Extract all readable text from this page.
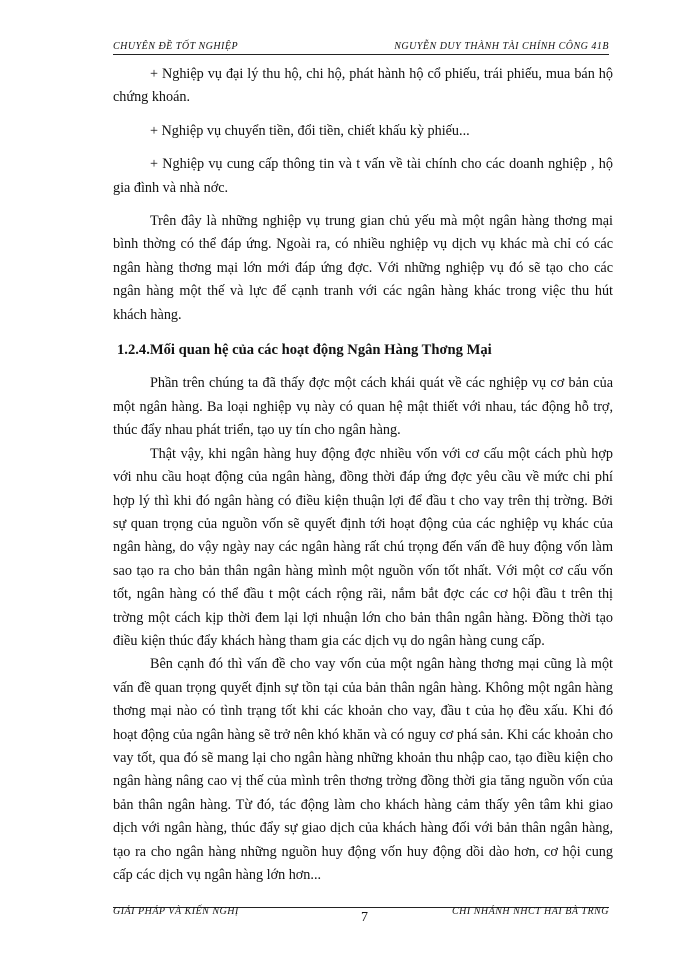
CHUYÊN ĐỀ TỐT NGHIỆP	NGUYỄN DUY THÀNH TÀI CHÍNH CÔNG 41B

+ Nghiệp vụ đại lý thu hộ, chi hộ, phát hành hộ cổ phiếu, trái phiếu, mua bán hộ chứng khoán.

+ Nghiệp vụ chuyển tiền, đổi tiền, chiết khấu kỳ phiếu...

+ Nghiệp vụ cung cấp thông tin và t vấn về tài chính cho các doanh nghiệp , hộ gia đình và nhà nớc.

Trên đây là những nghiệp vụ trung gian chủ yếu mà một ngân hàng thơng mại bình thờng có thể đáp ứng. Ngoài ra, có nhiều nghiệp vụ dịch vụ khác mà chỉ có các ngân hàng thơng mại lớn mới đáp ứng đợc. Với những nghiệp vụ đó sẽ tạo cho các ngân hàng một thế và lực để cạnh tranh với các ngân hàng khác trong việc thu hút khách hàng.

1.2.4.Mối quan hệ của các hoạt động Ngân Hàng Thơng Mại

Phần trên chúng ta đã thấy đợc một cách khái quát về các nghiệp vụ cơ bản của một ngân hàng. Ba loại nghiệp vụ này có quan hệ mật thiết với nhau, tác động hỗ trợ, thúc đẩy nhau phát triển, tạo uy tín cho ngân hàng.

Thật vậy, khi ngân hàng huy động đợc nhiều vốn với cơ cấu một cách phù hợp với nhu cầu hoạt động của ngân hàng, đồng thời đáp ứng đợc yêu cầu về mức chi phí hợp lý thì khi đó ngân hàng có điều kiện thuận lợi để đầu t cho vay trên thị trờng. Bởi sự quan trọng của nguồn vốn sẽ quyết định tới hoạt động của các nghiệp vụ khác của ngân hàng, do vậy ngày nay các ngân hàng rất chú trọng đến vấn đề huy động vốn làm sao tạo ra cho bản thân ngân hàng mình một nguồn vốn tốt nhất. Với một cơ cấu vốn tốt, ngân hàng có thể đầu t một cách rộng rãi, nắm bắt đợc các cơ hội đầu t trên thị trờng một cách kịp thời đem lại lợi nhuận lớn cho bản thân ngân hàng. Đồng thời tạo điều kiện thúc đẩy khách hàng tham gia các dịch vụ do ngân hàng cung cấp.

Bên cạnh đó thì vấn đề cho vay vốn của một ngân hàng thơng mại cũng là một vấn đề quan trọng quyết định sự tồn tại của bản thân ngân hàng. Không một ngân hàng thơng mại nào có tình trạng tốt khi các khoản cho vay, đầu t của họ đều xấu. Khi đó hoạt động của ngân hàng sẽ trở nên khó khăn và có nguy cơ phá sản. Khi các khoản cho vay tốt, qua đó sẽ mang lại cho ngân hàng những khoản thu nhập cao, tạo điều kiện cho ngân hàng nâng cao vị thế của mình trên thơng trờng đồng thời gia tăng nguồn vốn của bản thân ngân hàng. Từ đó, tác động làm cho khách hàng cảm thấy yên tâm khi giao dịch với ngân hàng, thúc đẩy sự giao dịch của khách hàng đối với bản thân ngân hàng, tạo ra cho ngân hàng những nguồn huy động vốn huy động dồi dào hơn, cơ hội cung cấp các dịch vụ ngân hàng lớn hơn...

GIẢI PHÁP VÀ KIẾN NGHỊ	7	CHI NHÁNH NHCT HAI BÀ TRNG
